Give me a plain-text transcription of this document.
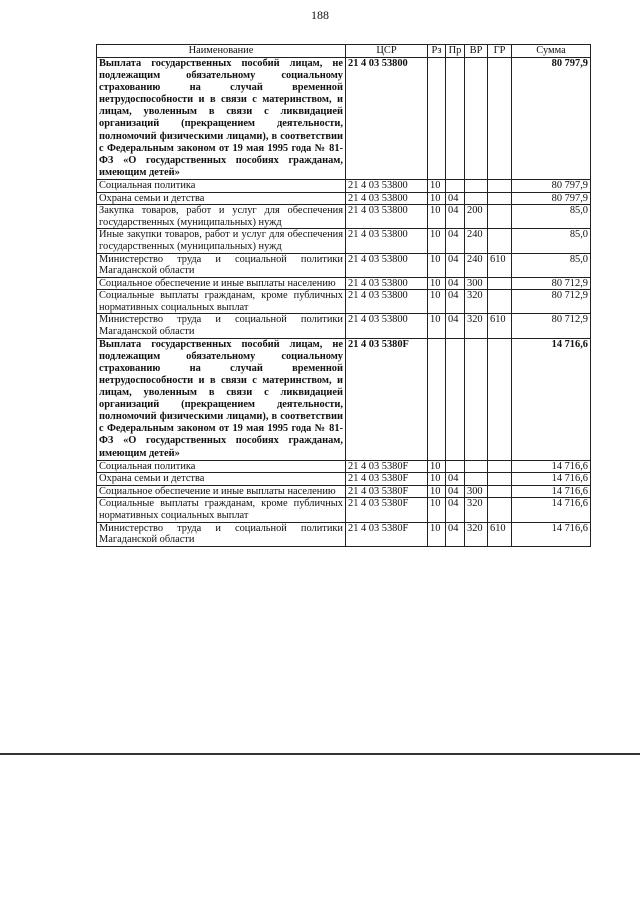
188
Наименование	ЦСР	Рз	Пр	ВР	ГР	Сумма
Выплата государственных пособий лицам, не подлежащим обязательному социальному страхованию на случай временной нетрудоспособности и в связи с материнством, и лицам, уволенным в связи с ликвидацией организаций (прекращением деятельности, полномочий физическими лицами), в соответствии с Федеральным законом от 19 мая 1995 года № 81-ФЗ «О государственных пособиях гражданам, имеющим детей»	21 4 03 53800					80 797,9
Социальная политика	21 4 03 53800	10				80 797,9
Охрана семьи и детства	21 4 03 53800	10	04			80 797,9
Закупка товаров, работ и услуг для обеспечения государственных (муниципальных) нужд	21 4 03 53800	10	04	200		85,0
Иные закупки товаров, работ и услуг для обеспечения государственных (муниципальных) нужд	21 4 03 53800	10	04	240		85,0
Министерство труда и социальной политики Магаданской области	21 4 03 53800	10	04	240	610	85,0
Социальное обеспечение и иные выплаты населению	21 4 03 53800	10	04	300		80 712,9
Социальные выплаты гражданам, кроме публичных нормативных социальных выплат	21 4 03 53800	10	04	320		80 712,9
Министерство труда и социальной политики Магаданской области	21 4 03 53800	10	04	320	610	80 712,9
Выплата государственных пособий лицам, не подлежащим обязательному социальному страхованию на случай временной нетрудоспособности и в связи с материнством, и лицам, уволенным в связи с ликвидацией организаций (прекращением деятельности, полномочий физическими лицами), в соответствии с Федеральным законом от 19 мая 1995 года № 81-ФЗ «О государственных пособиях гражданам, имеющим детей»	21 4 03 5380F					14 716,6
Социальная политика	21 4 03 5380F	10				14 716,6
Охрана семьи и детства	21 4 03 5380F	10	04			14 716,6
Социальное обеспечение и иные выплаты населению	21 4 03 5380F	10	04	300		14 716,6
Социальные выплаты гражданам, кроме публичных нормативных социальных выплат	21 4 03 5380F	10	04	320		14 716,6
Министерство труда и социальной политики Магаданской области	21 4 03 5380F	10	04	320	610	14 716,6
